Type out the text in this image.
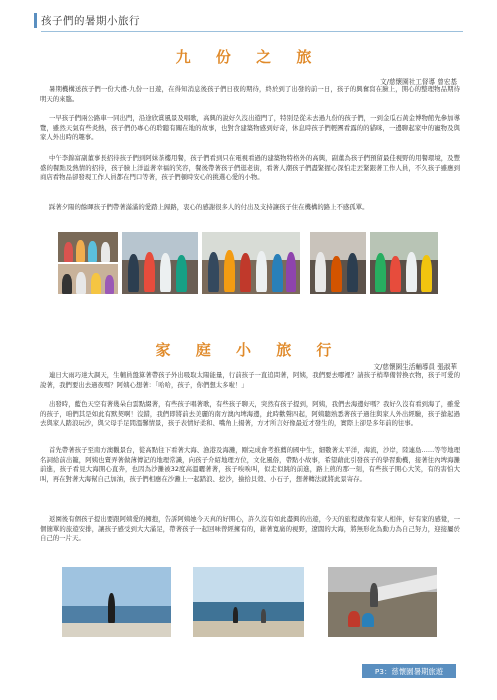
孩子們的暑期小旅行
九 份 之 旅
文/慈懷園社工督導 曾宏基

暑期機構送孩子們一份大禮-九份一日遊，在得知消息後孩子們日夜的期待，終於到了出發的前一日，孩子的興奮寫在臉上，開心的整理物品期待明天的來臨。

一早孩子們兩公路車一同出門，沿途欣賞風景及唱歌，高興的說好久沒出遊門了，特別是從未去過九份的孩子們，一到金瓜石黃金博物館先參加導覽，雖然天氣有些炎熱，孩子們仍專心的聆聽有關在地的故事，也對含建築物感到好奇，休息時孩子們輕團看露的的貓咪，一邊聊起家中的寵物及與家人外出時的趣事。

中午李錦富副董事長招待孩子們到阿妹茶樓用餐，孩子們看到只在電視看過的建築物特格外的高興，副董為孩子們預留最佳視野的用餐環境，及豐盛的餐點及熱情的招待，孩子臉上洋溢著幸福的笑容，餐後帶著孩子們逛老街，看著人潮孩子們盡緊握心深怕走丟緊跟著工作人員，不久孩子雖應到商店看物品卻發現工作人員都在門口等著，孩子們頓時安心的挑選心愛的小物。

踩著夕陽的餘暉孩子們帶著滿滿的愛踏上歸路，衷心的感謝很多人的付出及支持讓孩子住在機構的路上不感孤單。

家 庭 小 旅 行
文/慈懷園生活輔導員 張淑華

連日大雨巧達大調天，生輔員盤算著帶孩子外出吸取太陽能量，行前孩子一直追問著，阿姨，我們要去哪裡？請孩子梢準備替換衣物，孩子可愛的說著，我們要出去過夜嗎？阿姨心想著：「哈哈，孩子，你們想太多啦！」

出發時，藍色天空有著幾朵白雲點綴著，有些孩子唱著歌，有些孩子聊天，突然有孩子提到，阿姨，我們去海邊好嗎？我好久沒有看到海了，雖愛的孩子，咱們其是如此有默契啊！沒錯，我們即將前去美麗的南方澳內埤海邊，此時歡聲四起，阿姨聽熟悉著孩子過往與家人外出經驗，孩子搶起過去與家人踏浪玩沙，與父母手足間溫馨情景，孩子表情好柔和、嘴角上揚著，方才所言好像最近才發生的，實際上卻是多年前的往事。

首先帶著孩子至南方澳觀景台，從高點往下看著大海、漁港及海灘，剛完成會考推薦的國中生，細數著太平洋，海流，沙岸，陸連島……等等地理名詞給前出籠，阿姨也賣弄著做薄傳記的地理常識，向孩子介紹地理方位，文化風俗，帶點小故事，希望藉此引發孩子的學習動機，接著往內埤海灘前進，孩子看見大海開心直奔，也因為沙灘被32度高溫曬著著，孩子唉唉叫，似走似跳的前進，路上煎的那一刻，有些孩子開心大笑，有的害怕大叫，再在對著大海幫自己加油，孩子們相應在沙灘上一起踏浪、挖沙，撿拾貝殼、小石子，想著轉法就將此景寄存。

返園後有個孩子提出要跟阿姨愛的擁抱，告訴阿姨她今天真的好開心，許久沒有如此盡興的出遊，今天的旅程就像有家人相伴，好有家的感覺，一個簡單的旅遊安排，讓孩子感受到大大滿足，帶著孩子一起回味曾經擁有的，藉著寬廣的視野，遼闊的大海，將無形化為動力為自己努力，迎接屬於自己的一片天。

P3：慈懷園暑期旅遊
